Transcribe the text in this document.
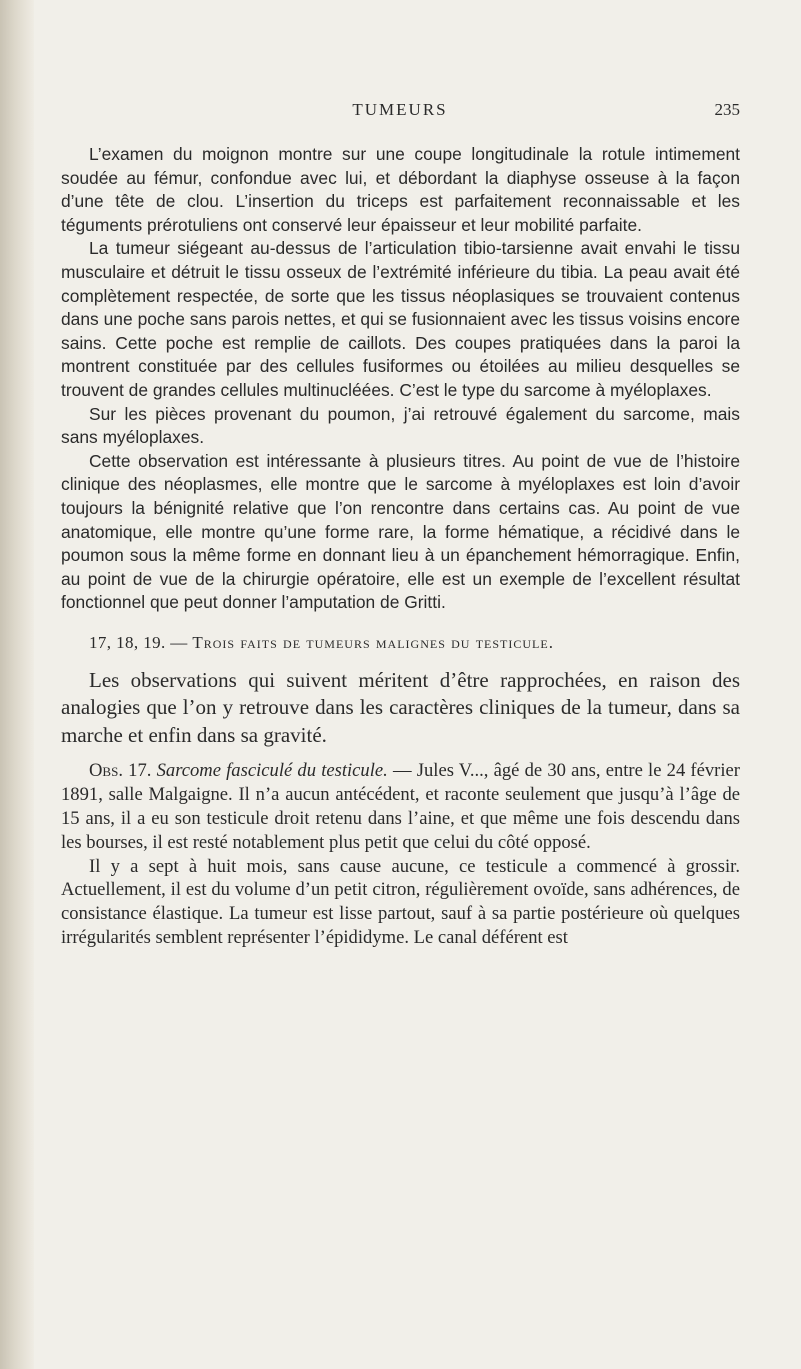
TUMEURS	235

L’examen du moignon montre sur une coupe longitudinale la rotule intimement soudée au fémur, confondue avec lui, et débordant la diaphyse osseuse à la façon d’une tête de clou. L’insertion du triceps est parfaitement reconnaissable et les téguments prérotuliens ont conservé leur épaisseur et leur mobilité parfaite.

La tumeur siégeant au-dessus de l’articulation tibio-tarsienne avait envahi le tissu musculaire et détruit le tissu osseux de l’extrémité inférieure du tibia. La peau avait été complètement respectée, de sorte que les tissus néoplasiques se trouvaient contenus dans une poche sans parois nettes, et qui se fusionnaient avec les tissus voisins encore sains. Cette poche est remplie de caillots. Des coupes pratiquées dans la paroi la montrent constituée par des cellules fusiformes ou étoilées au milieu desquelles se trouvent de grandes cellules multinucléées. C’est le type du sarcome à myéloplaxes.

Sur les pièces provenant du poumon, j’ai retrouvé également du sarcome, mais sans myéloplaxes.

Cette observation est intéressante à plusieurs titres. Au point de vue de l’histoire clinique des néoplasmes, elle montre que le sarcome à myéloplaxes est loin d’avoir toujours la bénignité relative que l’on rencontre dans certains cas. Au point de vue anatomique, elle montre qu’une forme rare, la forme hématique, a récidivé dans le poumon sous la même forme en donnant lieu à un épanchement hémorragique. Enfin, au point de vue de la chirurgie opératoire, elle est un exemple de l’excellent résultat fonctionnel que peut donner l’amputation de Gritti.

17, 18, 19. — Trois faits de tumeurs malignes du testicule.

Les observations qui suivent méritent d’être rapprochées, en raison des analogies que l’on y retrouve dans les caractères cliniques de la tumeur, dans sa marche et enfin dans sa gravité.

Obs. 17. Sarcome fasciculé du testicule. — Jules V..., âgé de 30 ans, entre le 24 février 1891, salle Malgaigne. Il n’a aucun antécédent, et raconte seulement que jusqu’à l’âge de 15 ans, il a eu son testicule droit retenu dans l’aine, et que même une fois descendu dans les bourses, il est resté notablement plus petit que celui du côté opposé.

Il y a sept à huit mois, sans cause aucune, ce testicule a commencé à grossir. Actuellement, il est du volume d’un petit citron, régulièrement ovoïde, sans adhérences, de consistance élastique. La tumeur est lisse partout, sauf à sa partie postérieure où quelques irrégularités semblent représenter l’épididyme. Le canal déférent est
